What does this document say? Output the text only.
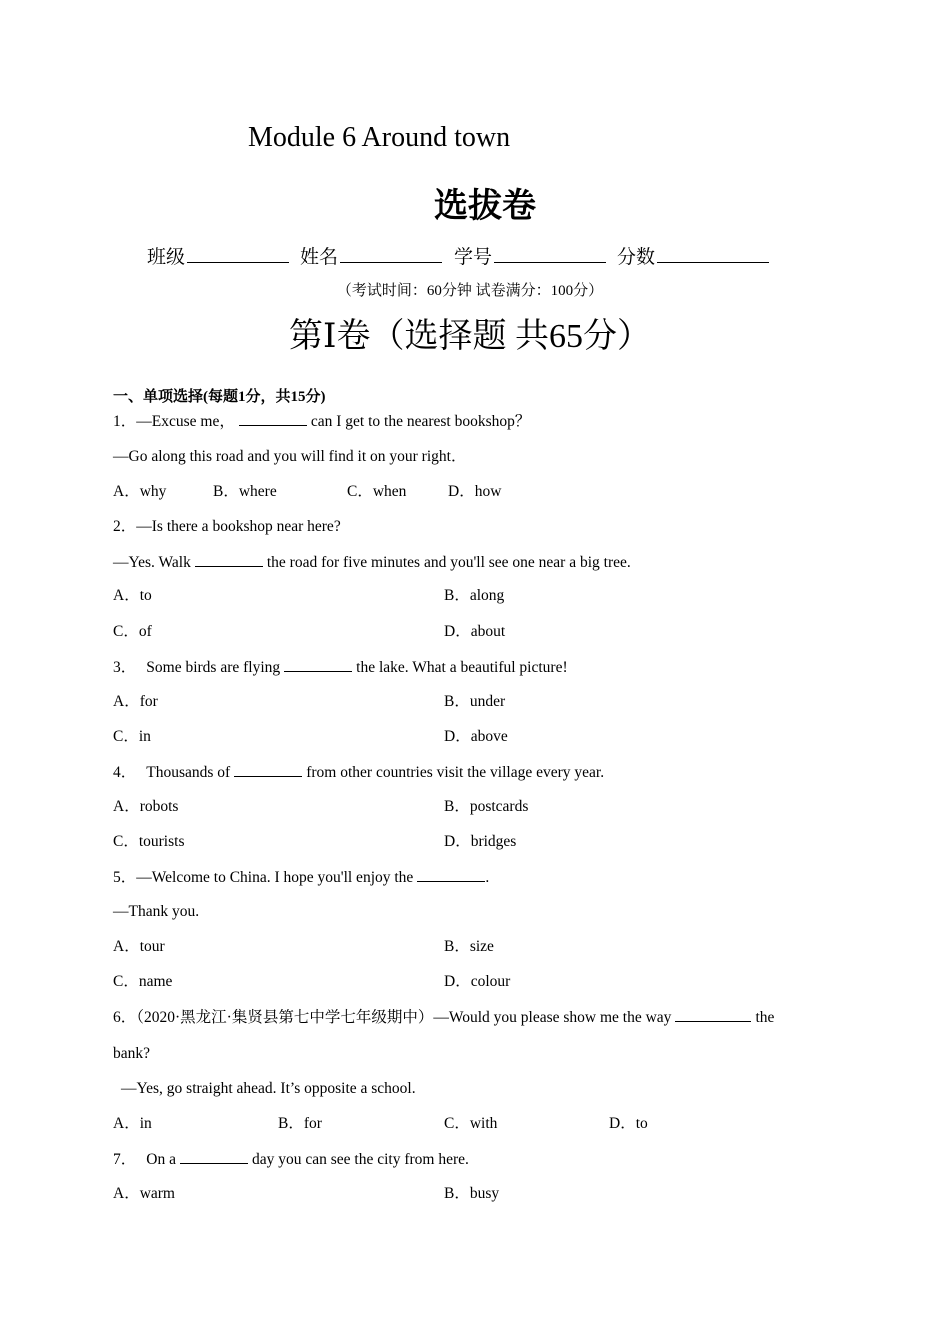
Module 6 Around town
选拔卷
班级	姓名	学号	分数
（考试时间：60分钟 试卷满分：100分）
第Ⅰ卷（选择题 共65分）
一、单项选择(每题1分，共15分)
1．—Excuse me，	can I get to the nearest bookshop？
—Go along this road and you will find it on your right．
A．why	B．where	C．when	D．how
2．—Is there a bookshop near here?
—Yes. Walk	the road for five minutes and you'll see one near a big tree.
A．to	B．along
C．of	D．about
3． Some birds are flying	the lake. What a beautiful picture!
A．for	B．under
C．in	D．above
4． Thousands of	from other countries visit the village every year.
A．robots	B．postcards
C．tourists	D．bridges
5．—Welcome to China. I hope you'll enjoy the	.
—Thank you.
A．tour	B．size
C．name	D．colour
6．（2020·黑龙江·集贤县第七中学七年级期中）—Would you please show me the way	the
bank?
—Yes, go straight ahead. It’s opposite a school.
A．in	B．for	C．with	D．to
7． On a	day you can see the city from here.
A．warm	B．busy
